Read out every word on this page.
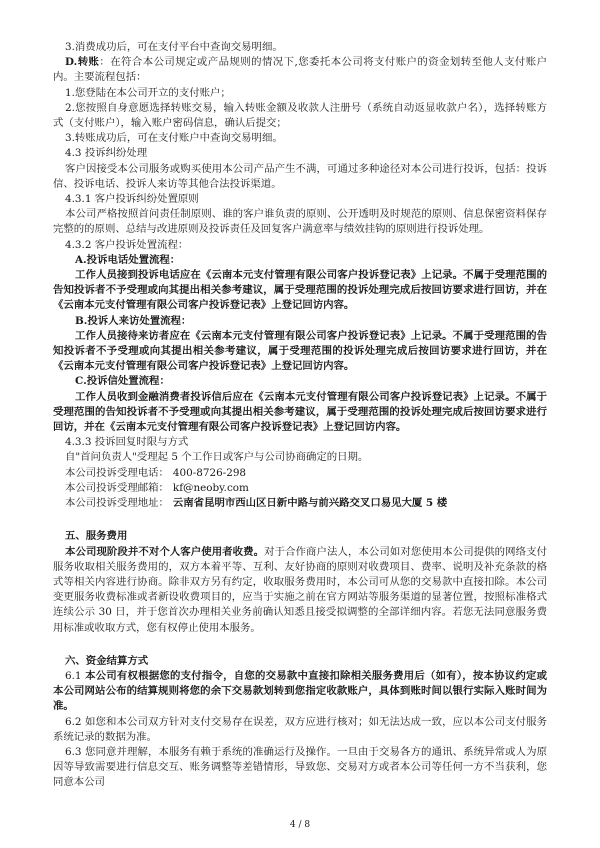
3.消费成功后，可在支付平台中查询交易明细。

D.转账：在符合本公司规定或产品规则的情况下,您委托本公司将支付账户的资金划转至他人支付账户内。主要流程包括：

1.您登陆在本公司开立的支付账户；

2.您按照自身意愿选择转账交易，输入转账金额及收款人注册号（系统自动返显收款户名），选择转账方式（支付账户），输入账户密码信息，确认后提交；

3.转账成功后，可在支付账户中查询交易明细。

4.3 投诉纠纷处理

客户因接受本公司服务或购买使用本公司产品产生不满，可通过多种途径对本公司进行投诉，包括：投诉信、投诉电话、投诉人来访等其他合法投诉渠道。

4.3.1 客户投诉纠纷处置原则

本公司严格按照首问责任制原则、谁的客户谁负责的原则、公开透明及时规范的原则、信息保密资料保存完整的的原则、总结与改进原则及投诉责任及回复客户满意率与绩效挂钩的原则进行投诉处理。

4.3.2 客户投诉处置流程：

A.投诉电话处置流程：

工作人员接到投诉电话应在《云南本元支付管理有限公司客户投诉登记表》上记录。不属于受理范围的告知投诉者不予受理或向其提出相关参考建议，属于受理范围的投诉处理完成后按回访要求进行回访，并在《云南本元支付管理有限公司客户投诉登记表》上登记回访内容。

B.投诉人来访处置流程：

工作人员接待来访者应在《云南本元支付管理有限公司客户投诉登记表》上记录。不属于受理范围的告知投诉者不予受理或向其提出相关参考建议，属于受理范围的投诉处理完成后按回访要求进行回访，并在《云南本元支付管理有限公司客户投诉登记表》上登记回访内容。

C.投诉信处置流程：

工作人员收到金融消费者投诉信后应在《云南本元支付管理有限公司客户投诉登记表》上记录。不属于受理范围的告知投诉者不予受理或向其提出相关参考建议，属于受理范围的投诉处理完成后按回访要求进行回访，并在《云南本元支付管理有限公司客户投诉登记表》上登记回访内容。

4.3.3 投诉回复时限与方式

自"首问负责人"受理起 5 个工作日或客户与公司协商确定的日期。

本公司投诉受理电话： 400-8726-298

本公司投诉受理邮箱： kf@neoby.com

本公司投诉受理地址： 云南省昆明市西山区日新中路与前兴路交叉口易见大厦 5 楼

五、服务费用

本公司现阶段并不对个人客户使用者收费。对于合作商户法人，本公司如对您使用本公司提供的网络支付服务收取相关服务费用的，双方本着平等、互利、友好协商的原则对收费项目、费率、说明及补充条款的格式等相关内容进行协商。除非双方另有约定，收取服务费用时，本公司可从您的交易款中直接扣除。本公司变更服务收费标准或者新设收费项目的，应当于实施之前在官方网站等服务渠道的显著位置，按照标准格式连续公示 30 日，并于您首次办理相关业务前确认知悉且接受拟调整的全部详细内容。若您无法同意服务费用标准或收取方式，您有权停止使用本服务。

六、资金结算方式

6.1 本公司有权根据您的支付指令，自您的交易款中直接扣除相关服务费用后（如有），按本协议约定或本公司网站公布的结算规则将您的余下交易款划转到您指定收款账户，具体到账时间以银行实际入账时间为准。

6.2 如您和本公司双方针对支付交易存在误差，双方应进行核对；如无法达成一致，应以本公司支付服务系统记录的数据为准。

6.3 您同意并理解，本服务有赖于系统的准确运行及操作。一旦由于交易各方的通讯、系统异常或人为原因等导致需要进行信息交互、账务调整等差错情形，导致您、交易对方或者本公司等任何一方不当获利，您同意本公司

4 / 8
